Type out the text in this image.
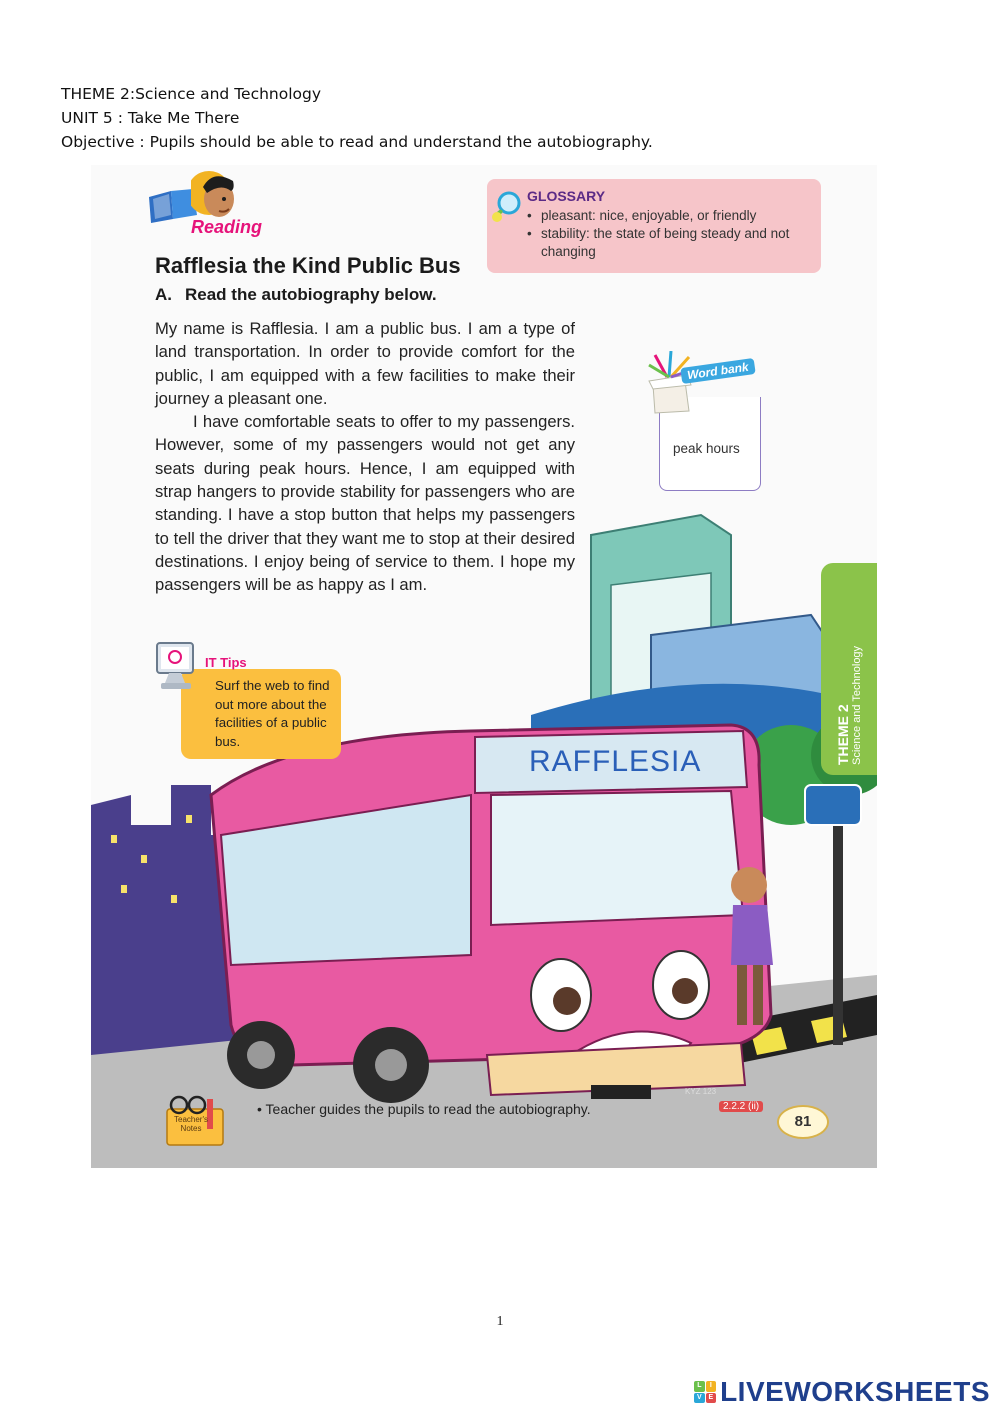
THEME 2:Science and Technology
UNIT 5 : Take Me There
Objective : Pupils should be able to read and understand the autobiography.
Reading
Rafflesia the Kind Public Bus
A. Read the autobiography below.
GLOSSARY
• pleasant: nice, enjoyable, or friendly
• stability: the state of being steady and not changing

My name is Rafflesia. I am a public bus. I am a type of land transportation. In order to provide comfort for the public, I am equipped with a few facilities to make their journey a pleasant one.

I have comfortable seats to offer to my passengers. However, some of my passengers would not get any seats during peak hours. Hence, I am equipped with strap hangers to provide stability for passengers who are standing. I have a stop button that helps my passengers to tell the driver that they want me to stop at their desired destinations. I enjoy being of service to them. I hope my passengers will be as happy as I am.

Word bank
peak hours
RAFFLESIA
KYZ 123
THEME 2 Science and Technology
IT Tips
Surf the web to find out more about the facilities of a public bus.
Teacher's Notes
• Teacher guides the pupils to read the autobiography.	2.2.2 (ii)
81
1
L	I
V E LIVEWORKSHEETS
